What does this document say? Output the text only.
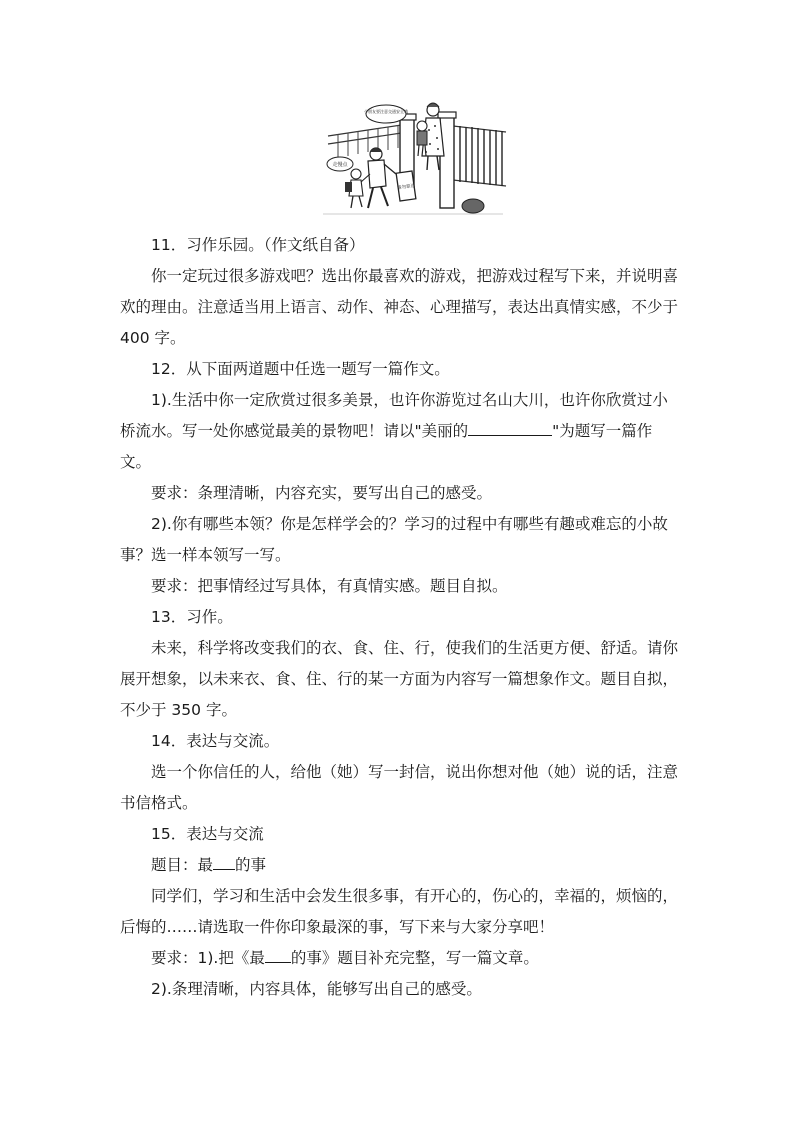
小朋友要注意交通安全哦
走慢点
请勿靠近

11．习作乐园。（作文纸自备）

你一定玩过很多游戏吧？选出你最喜欢的游戏，把游戏过程写下来，并说明喜欢的理由。注意适当用上语言、动作、神态、心理描写，表达出真情实感，不少于 400 字。

12．从下面两道题中任选一题写一篇作文。

1).生活中你一定欣赏过很多美景，也许你游览过名山大川，也许你欣赏过小桥流水。写一处你感觉最美的景物吧！请以"美丽的	"为题写一篇作文。

要求：条理清晰，内容充实，要写出自己的感受。

2).你有哪些本领？你是怎样学会的？学习的过程中有哪些有趣或难忘的小故事？选一样本领写一写。

要求：把事情经过写具体，有真情实感。题目自拟。

13．习作。

未来，科学将改变我们的衣、食、住、行，使我们的生活更方便、舒适。请你展开想象，以未来衣、食、住、行的某一方面为内容写一篇想象作文。题目自拟，不少于 350 字。

14．表达与交流。

选一个你信任的人，给他（她）写一封信，说出你想对他（她）说的话，注意书信格式。

15．表达与交流

题目：最 的事

同学们，学习和生活中会发生很多事，有开心的，伤心的，幸福的，烦恼的，后悔的……请选取一件你印象最深的事，写下来与大家分享吧！

要求：1).把《最 的事》题目补充完整，写一篇文章。

2).条理清晰，内容具体，能够写出自己的感受。
